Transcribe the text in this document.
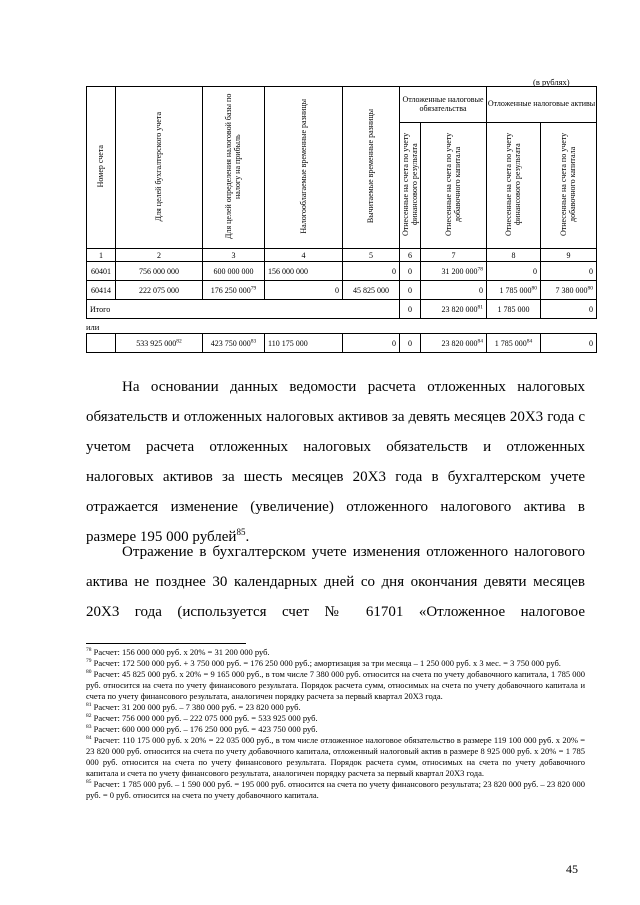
(в рублях)
Номер счета	Для целей бухгалтерского учета	Для целей определения налоговой базы по налогу на прибыль	Налогооблагаемые временные разницы	Вычитаемые временные разницы	Отложенные налоговые обязательства		Отложенные налоговые активы	
					Отнесенные на счета по учету финансового результата	Отнесенные на счета по учету добавочного капитала	Отнесенные на счета по учету финансового результата	Отнесенные на счета по учету добавочного капитала
1	2	3	4	5	6	7	8	9
60401	756 000 000	600 000 000	156 000 000	0	0	31 200 $000^{78}$	0	0
60414	222 075 000	176 250 $000^{79}$	0	45 825 000	0	0	1 785 $000^{80}$	7 380 $000^{80}$
Итого					0	23 820 $000^{81}$	1 785 000	0

	533 925 $000^{82}$	423 750 $000^{83}$	110 175 000	0	0	23 820 $000^{84}$	1 785 $000^{84}$	0
или
На основании данных ведомости расчета отложенных налоговых
обязательств и отложенных налоговых активов за девять месяцев 20Х3 года с
учетом расчета отложенных налоговых обязательств и отложенных
налоговых активов за шесть месяцев 20Х3 года в бухгалтерском учете
отражается изменение (увеличение) отложенного налогового актива в
размере 195 000 рублей$^{85}$.
Отражение в бухгалтерском учете изменения отложенного налогового
актива не позднее 30 календарных дней со дня окончания девяти месяцев
20Х3 года (используется счет № 61701 «Отложенное налоговое

$^{78}$ Расчет: 156 000 000 руб. х 20% = 31 200 000 руб.

$^{79}$ Расчет: 172 500 000 руб. + 3 750 000 руб. = 176 250 000 руб.; амортизация за три месяца – 1 250 000 руб. х 3 мес. = 3 750 000 руб.

$^{80}$ Расчет: 45 825 000 руб. х 20% = 9 165 000 руб., в том числе 7 380 000 руб. относится на счета по учету добавочного капитала, 1 785 000 руб. относится на счета по учету финансового результата. Порядок расчета сумм, относимых на счета по учету добавочного капитала и счета по учету финансового результата, аналогичен порядку расчета за первый квартал 20Х3 года.

$^{81}$ Расчет: 31 200 000 руб. – 7 380 000 руб. = 23 820 000 руб.

$^{82}$ Расчет: 756 000 000 руб. – 222 075 000 руб. = 533 925 000 руб.

$^{83}$ Расчет: 600 000 000 руб. – 176 250 000 руб. = 423 750 000 руб.

$^{84}$ Расчет: 110 175 000 руб. х 20% = 22 035 000 руб., в том числе отложенное налоговое обязательство в размере 119 100 000 руб. х 20% = 23 820 000 руб. относится на счета по учету добавочного капитала, отложенный налоговый актив в размере 8 925 000 руб. х 20% = 1 785 000 руб. относится на счета по учету финансового результата. Порядок расчета сумм, относимых на счета по учету добавочного капитала и счета по учету финансового результата, аналогичен порядку расчета за первый квартал 20Х3 года.

$^{85}$ Расчет: 1 785 000 руб. – 1 590 000 руб. = 195 000 руб. относится на счета по учету финансового результата; 23 820 000 руб. – 23 820 000 руб. = 0 руб. относится на счета по учету добавочного капитала.

45
